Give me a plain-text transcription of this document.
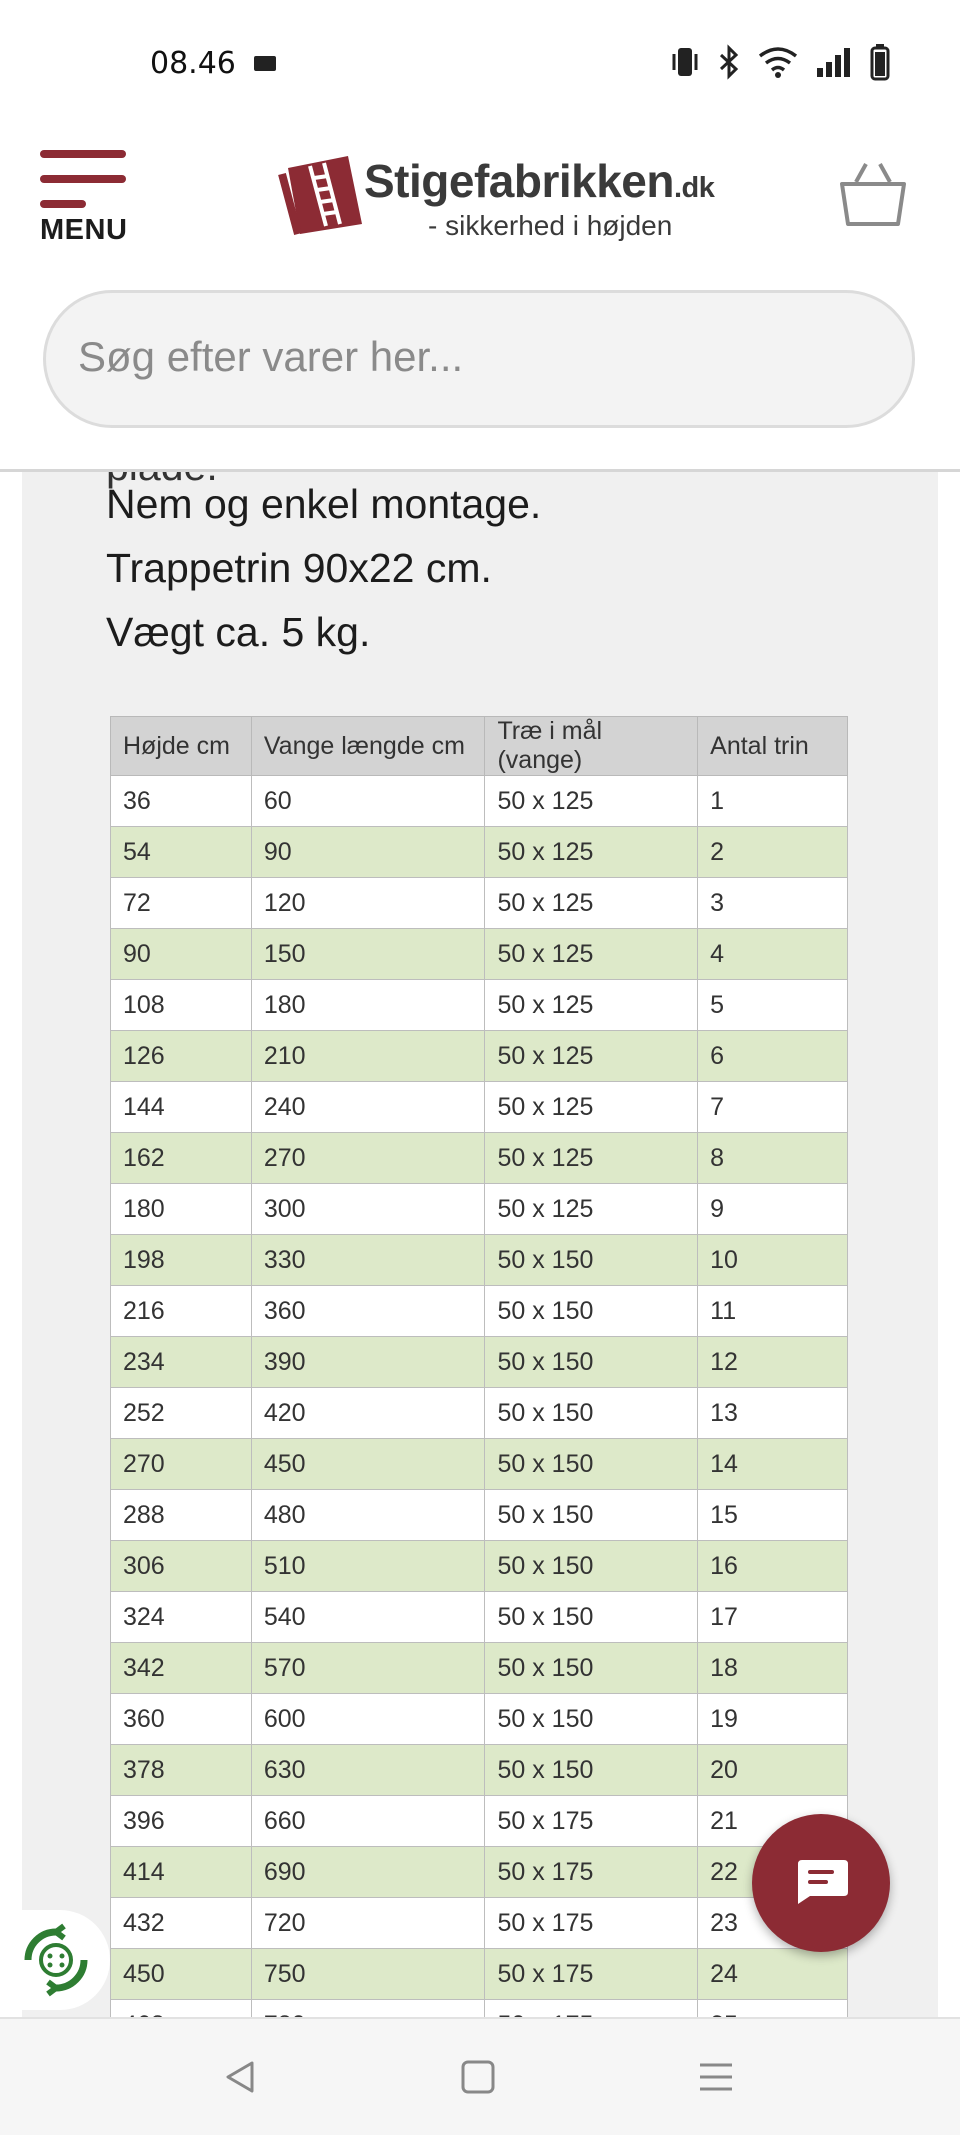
08.46
MENU
Stigefabrikken.dk
- sikkerhed i højden
Søg efter varer her...
Nem og enkel montage.
Trappetrin 90x22 cm.
Vægt ca. 5 kg.
Højde cm	Vange længde cm	Træ i mål (vange)	Antal trin
36	60	50 x 125	1
54	90	50 x 125	2
72	120	50 x 125	3
90	150	50 x 125	4
108	180	50 x 125	5
126	210	50 x 125	6
144	240	50 x 125	7
162	270	50 x 125	8
180	300	50 x 125	9
198	330	50 x 150	10
216	360	50 x 150	11
234	390	50 x 150	12
252	420	50 x 150	13
270	450	50 x 150	14
288	480	50 x 150	15
306	510	50 x 150	16
324	540	50 x 150	17
342	570	50 x 150	18
360	600	50 x 150	19
378	630	50 x 150	20
396	660	50 x 175	21
414	690	50 x 175	22
432	720	50 x 175	23
450	750	50 x 175	24
